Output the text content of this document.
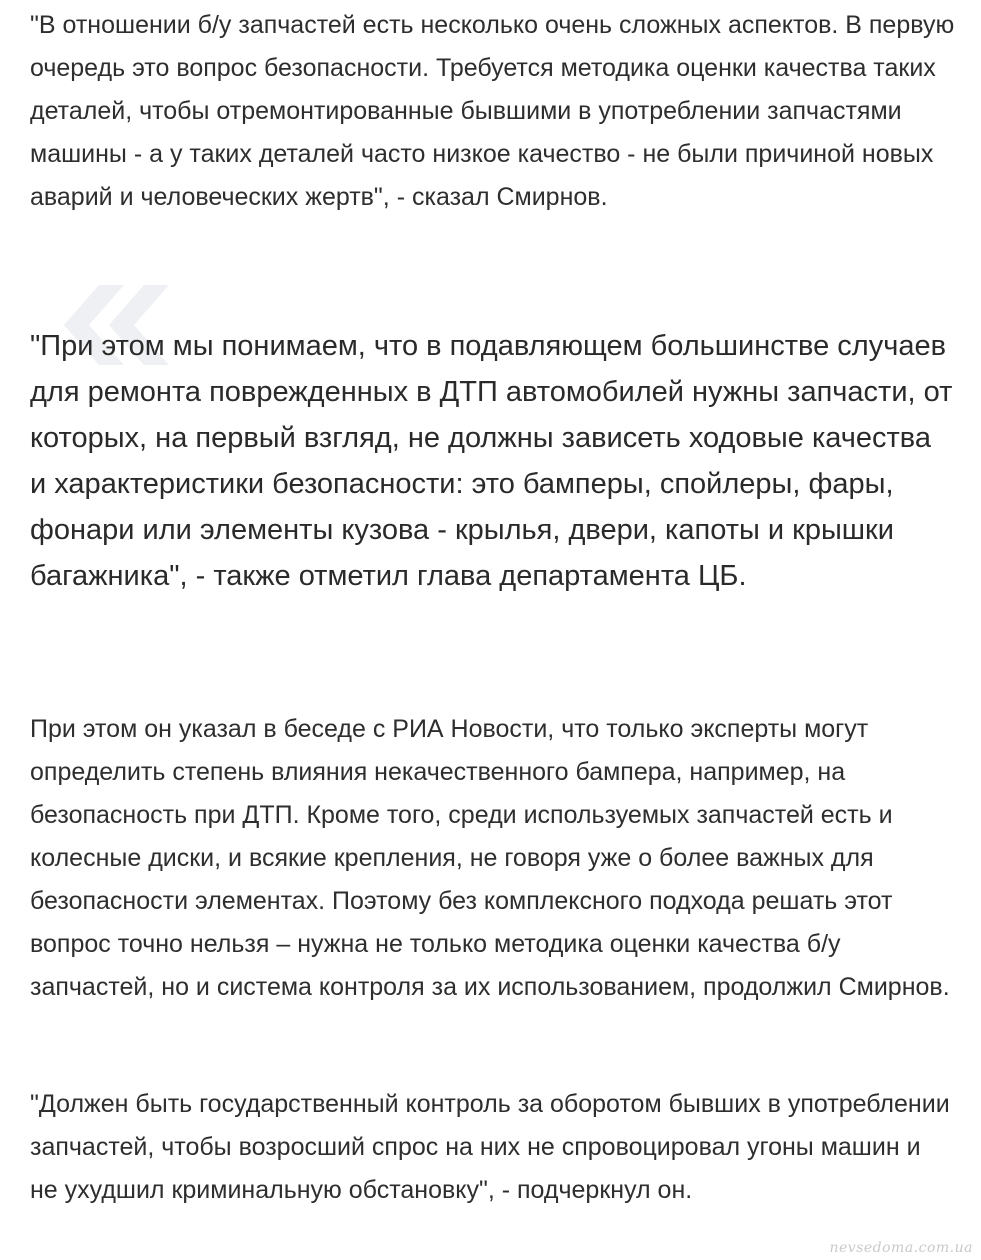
"В отношении б/у запчастей есть несколько очень сложных аспектов. В первую очередь это вопрос безопасности. Требуется методика оценки качества таких деталей, чтобы отремонтированные бывшими в употреблении запчастями машины - а у таких деталей часто низкое качество - не были причиной новых аварий и человеческих жертв", - сказал Смирнов.

"При этом мы понимаем, что в подавляющем большинстве случаев для ремонта поврежденных в ДТП автомобилей нужны запчасти, от которых, на первый взгляд, не должны зависеть ходовые качества и характеристики безопасности: это бамперы, спойлеры, фары, фонари или элементы кузова - крылья, двери, капоты и крышки багажника", - также отметил глава департамента ЦБ.

При этом он указал в беседе с РИА Новости, что только эксперты могут определить степень влияния некачественного бампера, например, на безопасность при ДТП. Кроме того, среди используемых запчастей есть и колесные диски, и всякие крепления, не говоря уже о более важных для безопасности элементах. Поэтому без комплексного подхода решать этот вопрос точно нельзя – нужна не только методика оценки качества б/у запчастей, но и система контроля за их использованием, продолжил Смирнов.

"Должен быть государственный контроль за оборотом бывших в употреблении запчастей, чтобы возросший спрос на них не спровоцировал угоны машин и не ухудшил криминальную обстановку", - подчеркнул он.

nevsedoma.com.ua
